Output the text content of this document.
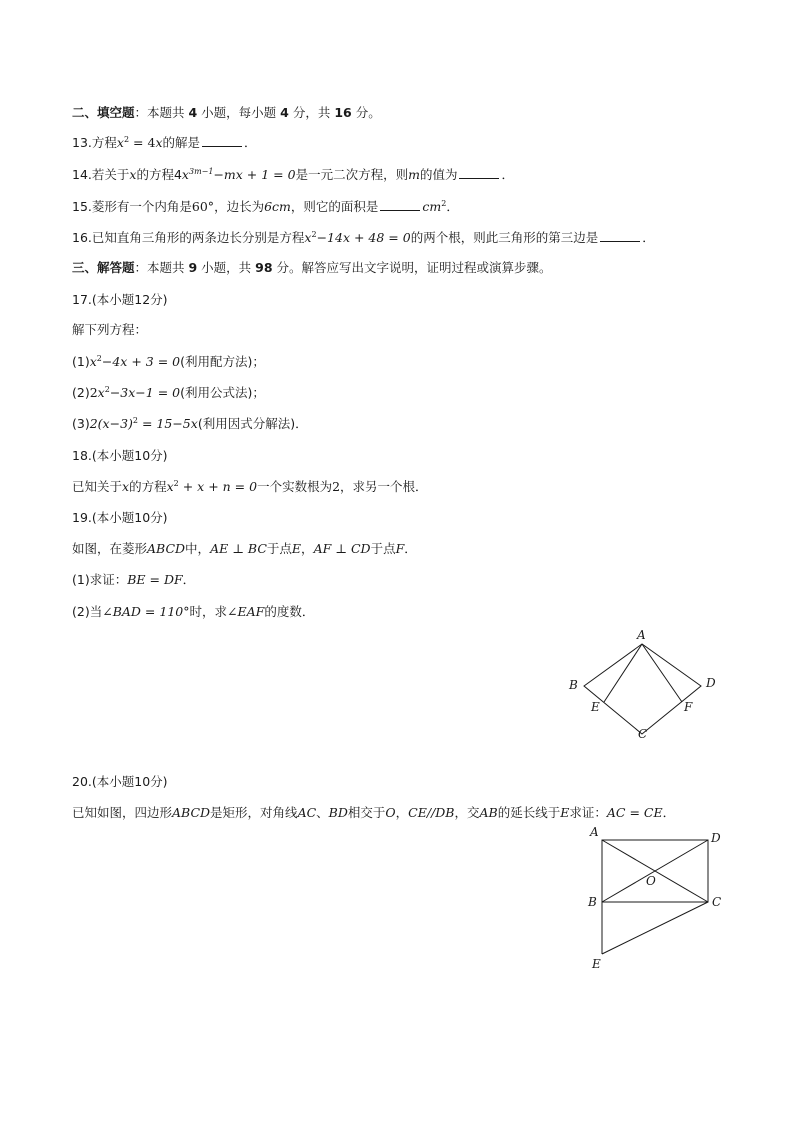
二、填空题：本题共 4 小题，每小题 4 分，共 16 分。
13.方程$x^2 = 4x$的解是	．
14.若关于x的方程$4x^{3m-1}-mx + 1 = 0$是一元二次方程，则m的值为	．
15.菱形有一个内角是60°，边长为6cm，则它的面积是	$cm^2$．
16.已知直角三角形的两条边长分别是方程$x^2-14x + 48 = 0$的两个根，则此三角形的第三边是	．
三、解答题：本题共 9 小题，共 98 分。解答应写出文字说明，证明过程或演算步骤。
17.(本小题12分)
解下列方程：
$(1)x^2-4x + 3 = 0$(利用配方法)；
$(2)2x^2-3x-1 = 0$(利用公式法)；
$(3)2(x-3)^2 = 15-5x$(利用因式分解法)．
18.(本小题10分)
已知关于x的方程$x^2 + x + n = 0$一个实数根为2，求另一个根．
19.(本小题10分)
如图，在菱形ABCD中，AE ⊥ BC于点E，AF ⊥ CD于点F．
(1)求证：BE = DF．
(2)当∠BAD = 110°时，求∠EAF的度数．
A
B	D
E	F
C
20.(本小题10分)
已知如图，四边形ABCD是矩形，对角线AC、BD相交于O，CE//DB，交AB的延长线于E求证：AC = CE．
A	D
B	C
O
E
